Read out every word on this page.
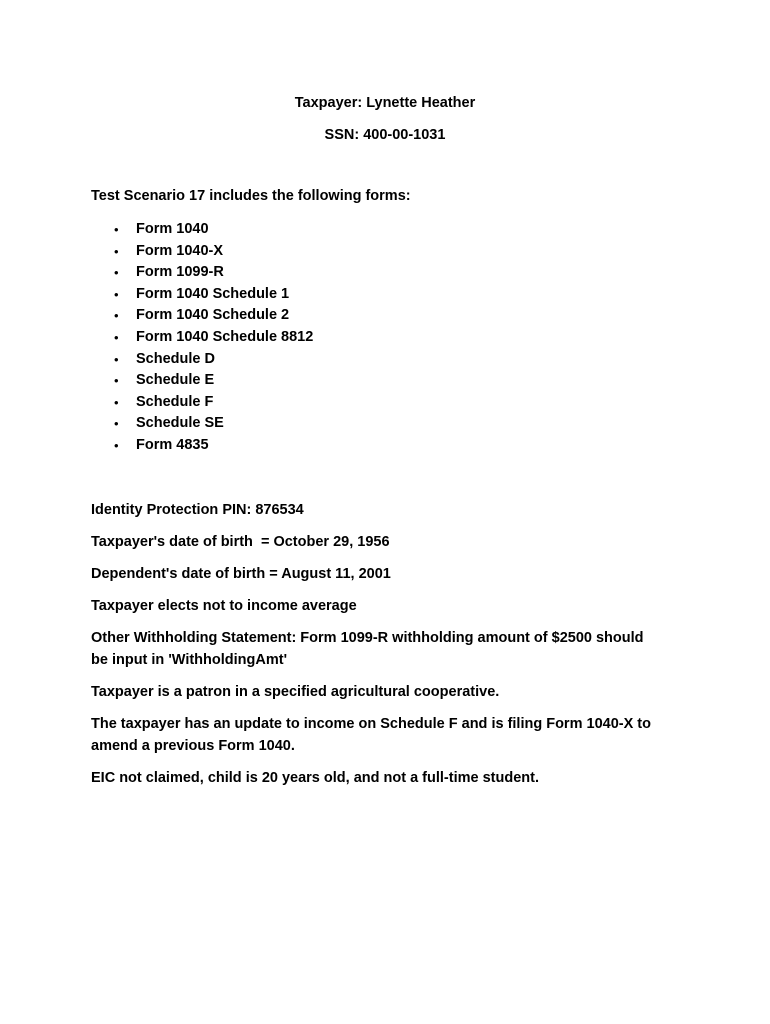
Taxpayer: Lynette Heather
SSN: 400-00-1031
Test Scenario 17 includes the following forms:
• Form 1040
• Form 1040-X
• Form 1099-R
• Form 1040 Schedule 1
• Form 1040 Schedule 2
• Form 1040 Schedule 8812
• Schedule D
• Schedule E
• Schedule F
• Schedule SE
• Form 4835
Identity Protection PIN: 876534
Taxpayer's date of birth  = October 29, 1956
Dependent's date of birth = August 11, 2001
Taxpayer elects not to income average
Other Withholding Statement: Form 1099-R withholding amount of $2500 should be input in 'WithholdingAmt'
Taxpayer is a patron in a specified agricultural cooperative.
The taxpayer has an update to income on Schedule F and is filing Form 1040-X to amend a previous Form 1040.
EIC not claimed, child is 20 years old, and not a full-time student.
